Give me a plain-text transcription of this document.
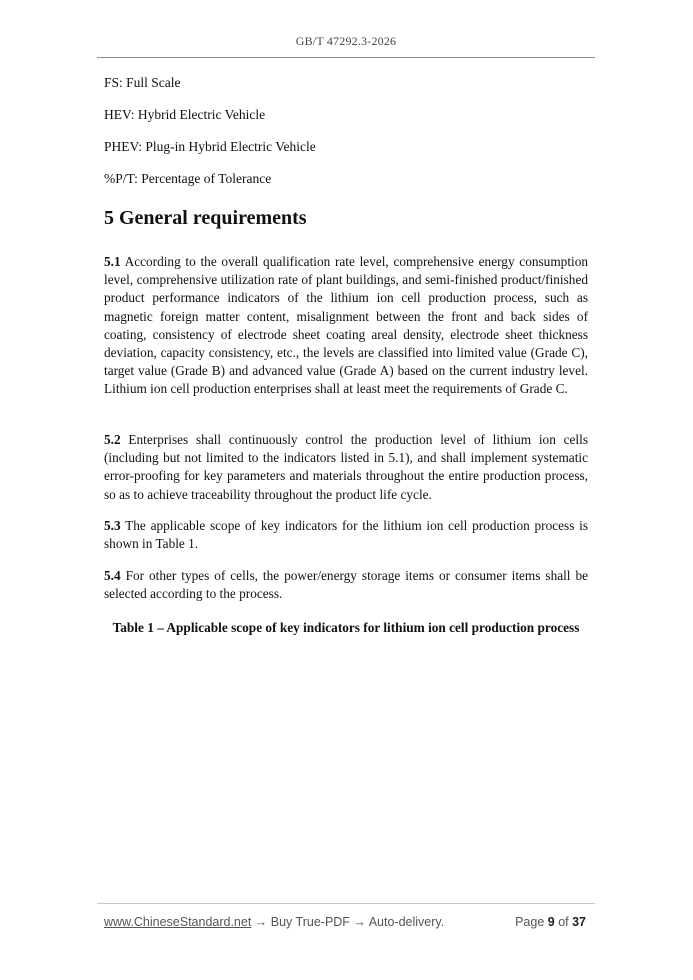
GB/T 47292.3-2026
FS: Full Scale
HEV: Hybrid Electric Vehicle
PHEV: Plug-in Hybrid Electric Vehicle
%P/T: Percentage of Tolerance
5 General requirements

5.1 According to the overall qualification rate level, comprehensive energy consumption level, comprehensive utilization rate of plant buildings, and semi-finished product/finished product performance indicators of the lithium ion cell production process, such as magnetic foreign matter content, misalignment between the front and back sides of coating, consistency of electrode sheet coating areal density, electrode sheet thickness deviation, capacity consistency, etc., the levels are classified into limited value (Grade C), target value (Grade B) and advanced value (Grade A) based on the current industry level. Lithium ion cell production enterprises shall at least meet the requirements of Grade C.

5.2 Enterprises shall continuously control the production level of lithium ion cells (including but not limited to the indicators listed in 5.1), and shall implement systematic error-proofing for key parameters and materials throughout the entire production process, so as to achieve traceability throughout the product life cycle.

5.3 The applicable scope of key indicators for the lithium ion cell production process is shown in Table 1.

5.4 For other types of cells, the power/energy storage items or consumer items shall be selected according to the process.

Table 1 – Applicable scope of key indicators for lithium ion cell production process

www.ChineseStandard.net → Buy True-PDF → Auto-delivery.	Page 9 of 37
